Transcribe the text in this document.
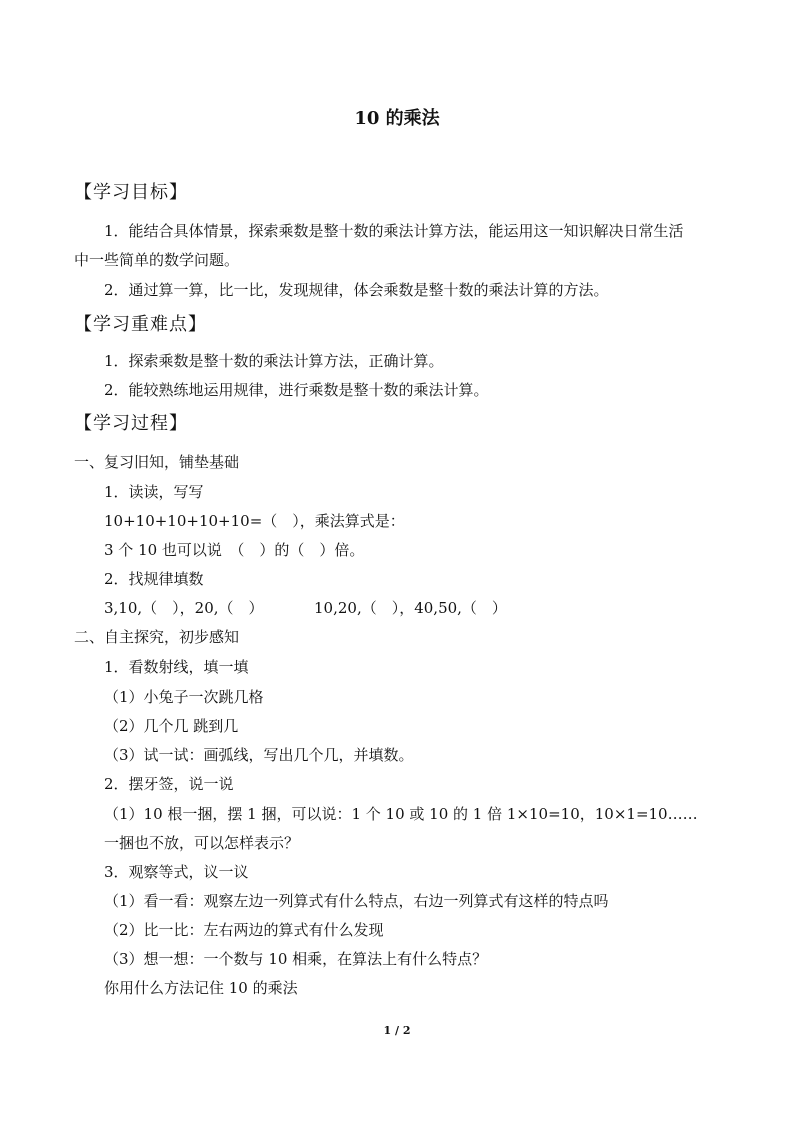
10 的乘法
【学习目标】
1．能结合具体情景，探索乘数是整十数的乘法计算方法，能运用这一知识解决日常生活
中一些简单的数学问题。
2．通过算一算，比一比，发现规律，体会乘数是整十数的乘法计算的方法。
【学习重难点】
1．探索乘数是整十数的乘法计算方法，正确计算。
2．能较熟练地运用规律，进行乘数是整十数的乘法计算。
【学习过程】
一、复习旧知，铺垫基础
1．读读，写写
10+10+10+10+10=（　），乘法算式是：
3 个 10 也可以说　（　）的（　）倍。
2．找规律填数
3,10,（　），20,（　）	10,20,（　），40,50,（　）
二、自主探究，初步感知
1．看数射线，填一填
（1）小兔子一次跳几格
（2）几个几 跳到几
（3）试一试：画弧线，写出几个几，并填数。
2．摆牙签，说一说
（1）10 根一捆，摆 1 捆，可以说：1 个 10 或 10 的 1 倍 1×10=10，10×1=10……
一捆也不放，可以怎样表示？
3．观察等式，议一议
（1）看一看：观察左边一列算式有什么特点，右边一列算式有这样的特点吗
（2）比一比：左右两边的算式有什么发现
（3）想一想：一个数与 10 相乘，在算法上有什么特点？
你用什么方法记住 10 的乘法
1 / 2
